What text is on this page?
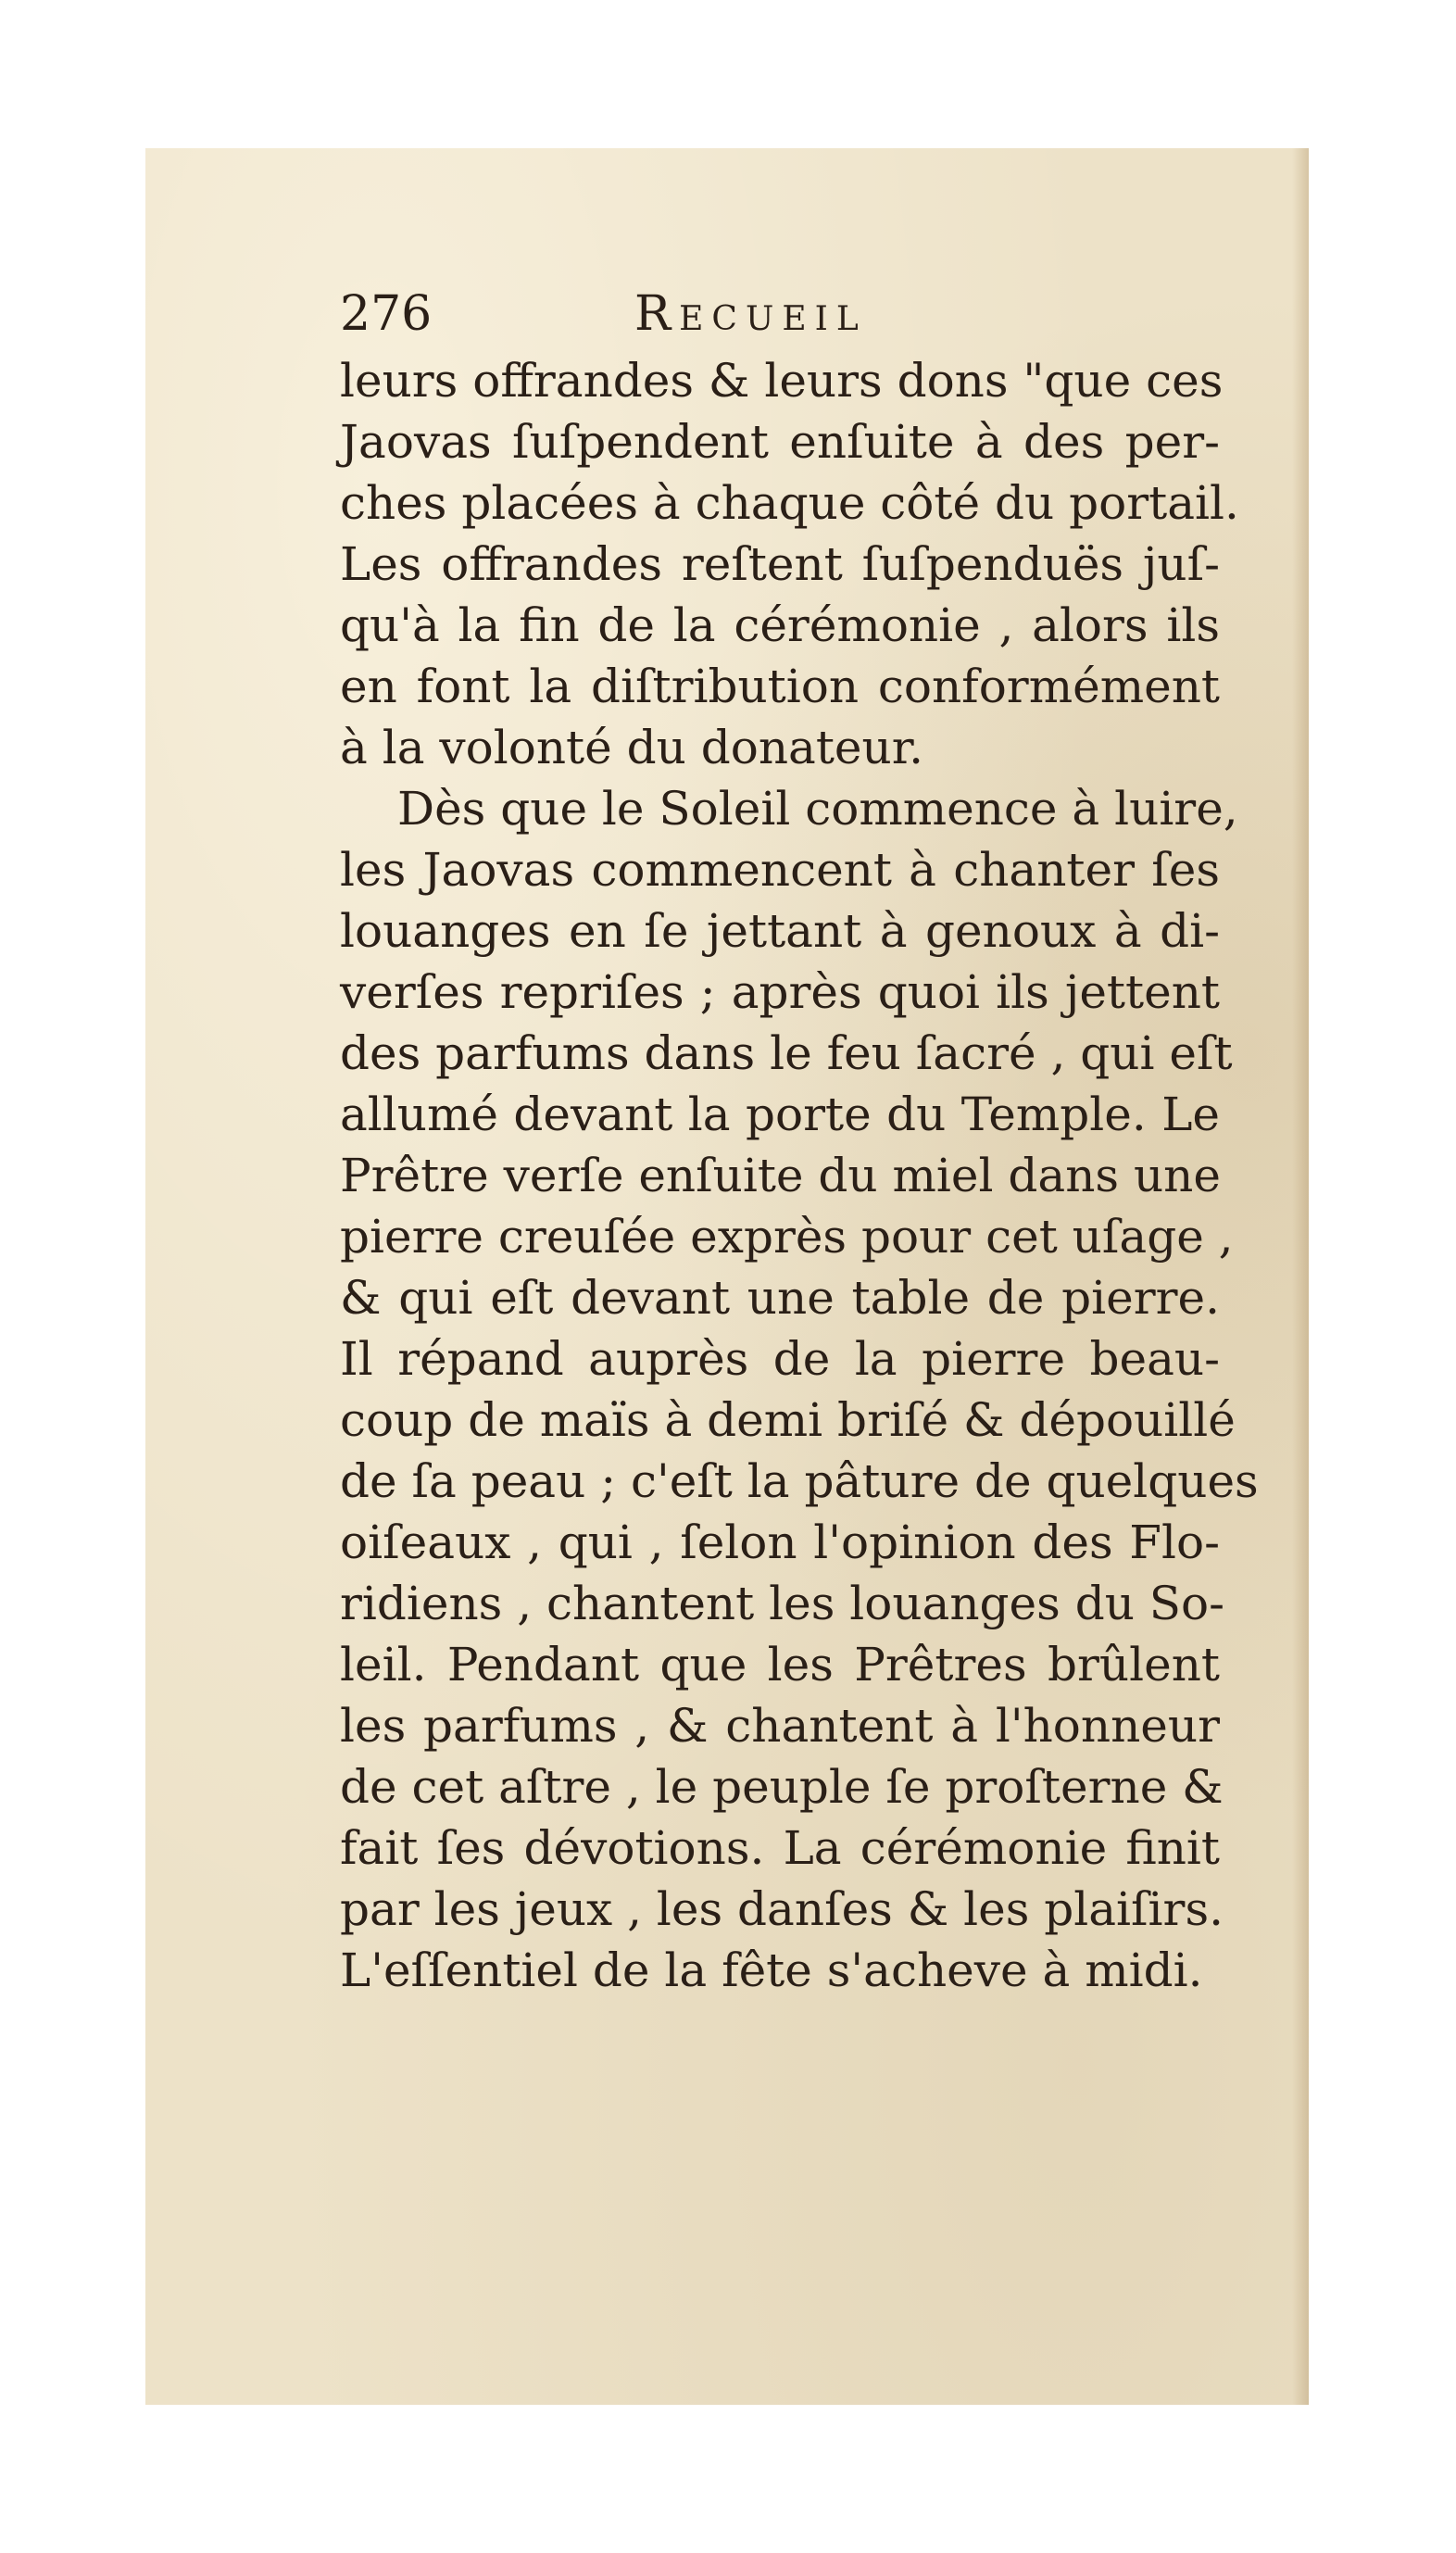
276	Recueil
leurs offrandes & leurs dons "que ces
Jaovas ſuſpendent enſuite à des per-
ches placées à chaque côté du portail.
Les offrandes reſtent ſuſpenduës juſ-
qu'à la fin de la cérémonie , alors ils
en font la diſtribution conformément
à la volonté du donateur.
Dès que le Soleil commence à luire,
les Jaovas commencent à chanter ſes
louanges en ſe jettant à genoux à di-
verſes repriſes ; après quoi ils jettent
des parfums dans le feu ſacré , qui eſt
allumé devant la porte du Temple. Le
Prêtre verſe enſuite du miel dans une
pierre creuſée exprès pour cet uſage ,
& qui eſt devant une table de pierre.
Il répand auprès de la pierre beau-
coup de maïs à demi briſé & dépouillé
de ſa peau ; c'eſt la pâture de quelques
oiſeaux , qui , ſelon l'opinion des Flo-
ridiens , chantent les louanges du So-
leil. Pendant que les Prêtres brûlent
les parfums , & chantent à l'honneur
de cet aſtre , le peuple ſe proſterne &
fait ſes dévotions. La cérémonie finit
par les jeux , les danſes & les plaiſirs.
L'eſſentiel de la fête s'acheve à midi.
